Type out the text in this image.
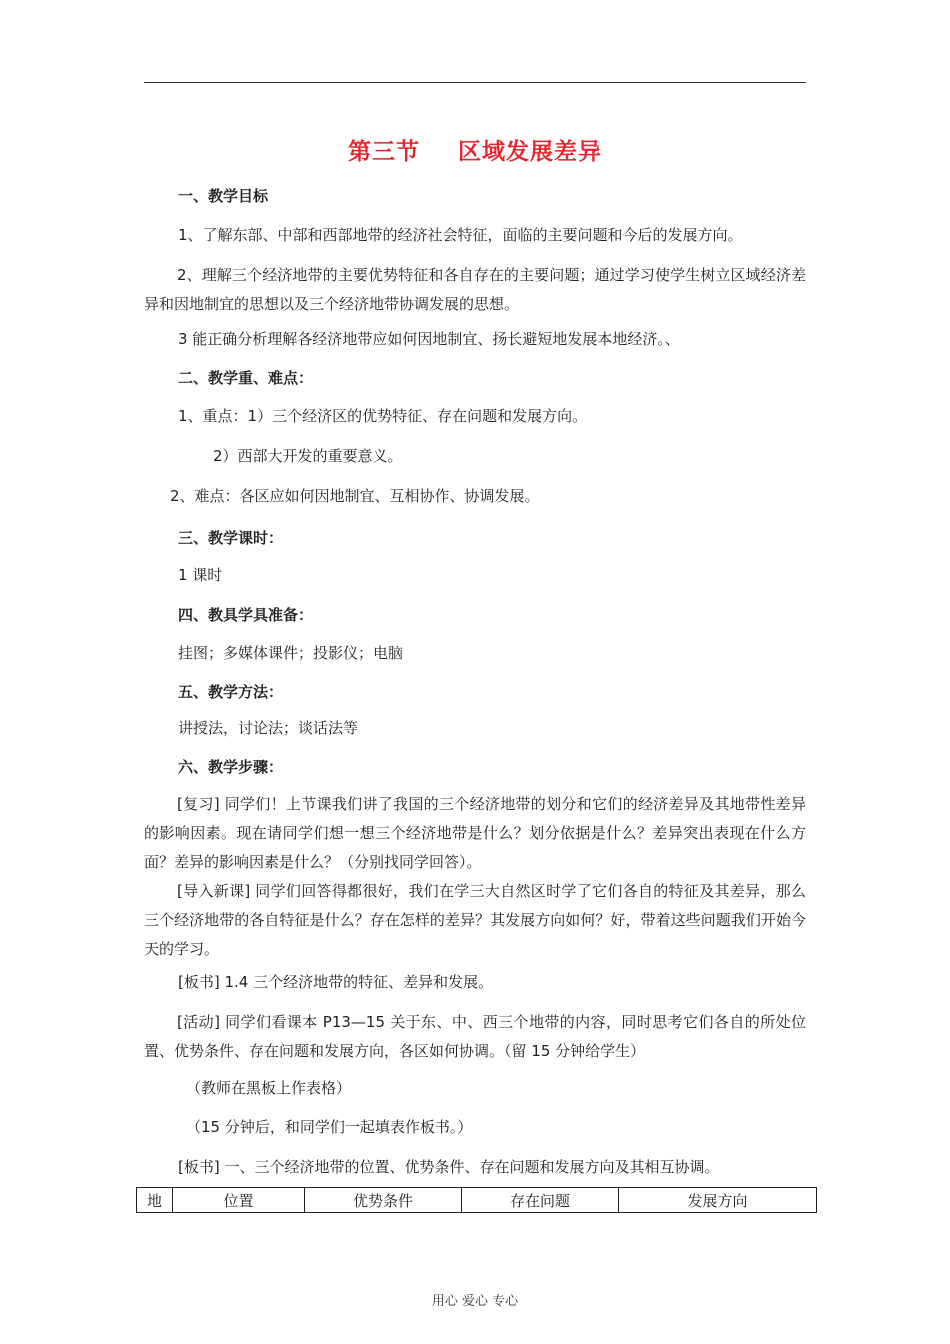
第三节 区域发展差异
一、教学目标
1、了解东部、中部和西部地带的经济社会特征，面临的主要问题和今后的发展方向。
2、理解三个经济地带的主要优势特征和各自存在的主要问题；通过学习使学生树立区域经济差异和因地制宜的思想以及三个经济地带协调发展的思想。
3 能正确分析理解各经济地带应如何因地制宜、扬长避短地发展本地经济。、
二、教学重、难点：
1、重点：1）三个经济区的优势特征、存在问题和发展方向。
2）西部大开发的重要意义。
2、难点：各区应如何因地制宜、互相协作、协调发展。
三、教学课时：
1 课时
四、教具学具准备：
挂图；多媒体课件；投影仪；电脑
五、教学方法：
讲授法，讨论法；谈话法等
六、教学步骤：
[复习] 同学们！上节课我们讲了我国的三个经济地带的划分和它们的经济差异及其地带性差异的影响因素。现在请同学们想一想三个经济地带是什么？划分依据是什么？差异突出表现在什么方面？差异的影响因素是什么？（分别找同学回答）。
[导入新课] 同学们回答得都很好，我们在学三大自然区时学了它们各自的特征及其差异，那么三个经济地带的各自特征是什么？存在怎样的差异？其发展方向如何？好，带着这些问题我们开始今天的学习。
[板书] 1.4 三个经济地带的特征、差异和发展。
[活动] 同学们看课本 P13—15 关于东、中、西三个地带的内容，同时思考它们各自的所处位置、优势条件、存在问题和发展方向，各区如何协调。（留 15 分钟给学生）
（教师在黑板上作表格）
（15 分钟后，和同学们一起填表作板书。）
[板书] 一、三个经济地带的位置、优势条件、存在问题和发展方向及其相互协调。
地	位置	优势条件	存在问题	发展方向
用心 爱心 专心
